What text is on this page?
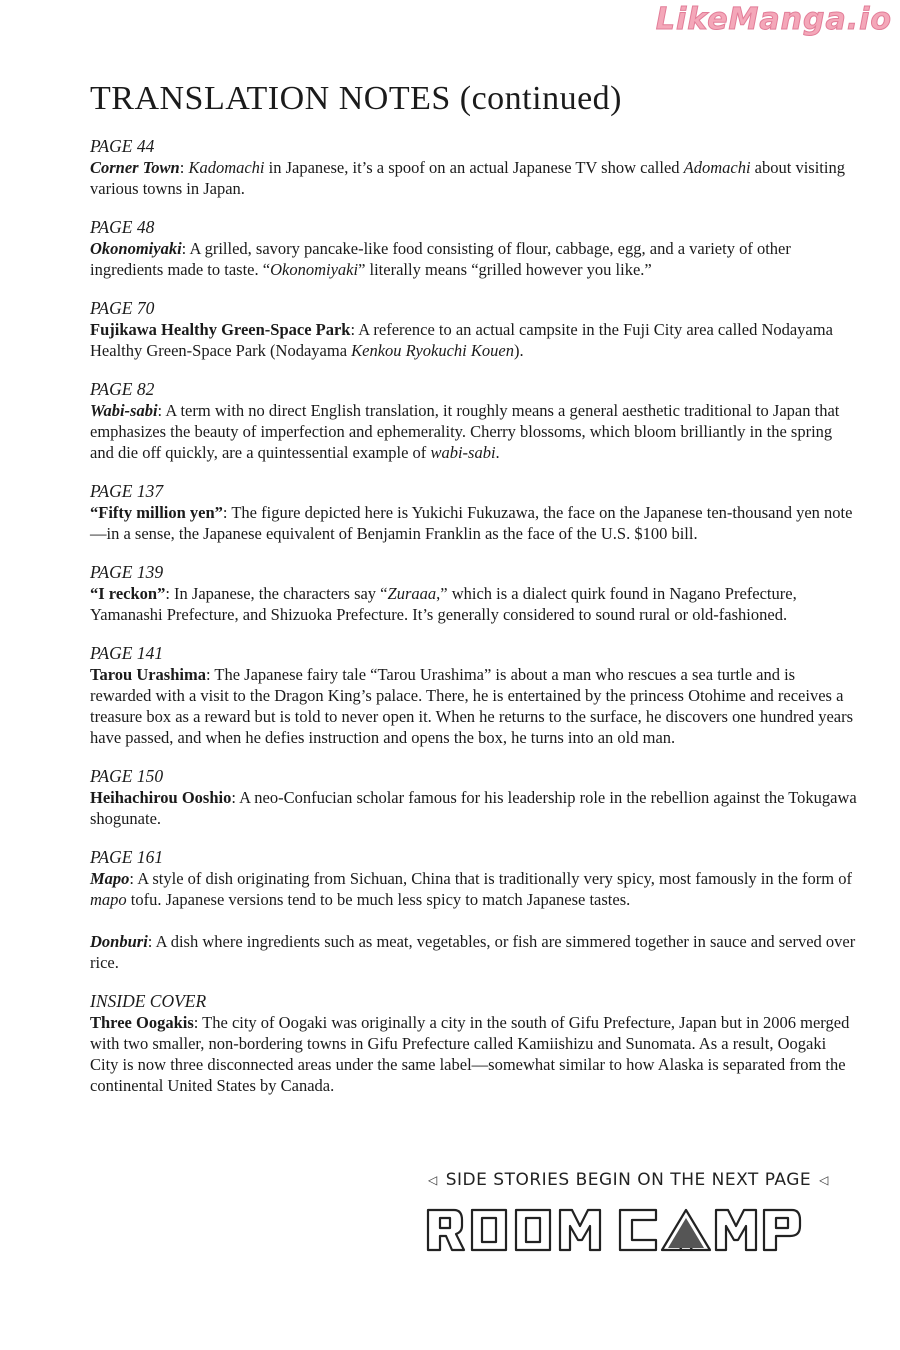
LikeManga.io
TRANSLATION NOTES (continued)
PAGE 44

Corner Town: Kadomachi in Japanese, it’s a spoof on an actual Japanese TV show called Adomachi about visiting various towns in Japan.

PAGE 48

Okonomiyaki: A grilled, savory pancake-like food consisting of flour, cabbage, egg, and a variety of other ingredients made to taste. “Okonomiyaki” literally means “grilled however you like.”

PAGE 70

Fujikawa Healthy Green-Space Park: A reference to an actual campsite in the Fuji City area called Nodayama Healthy Green-Space Park (Nodayama Kenkou Ryokuchi Kouen).

PAGE 82

Wabi-sabi: A term with no direct English translation, it roughly means a general aesthetic traditional to Japan that emphasizes the beauty of imperfection and ephemerality. Cherry blossoms, which bloom brilliantly in the spring and die off quickly, are a quintessential example of wabi-sabi.

PAGE 137

“Fifty million yen”: The figure depicted here is Yukichi Fukuzawa, the face on the Japanese ten-thousand yen note—in a sense, the Japanese equivalent of Benjamin Franklin as the face of the U.S. $100 bill.

PAGE 139

“I reckon”: In Japanese, the characters say “Zuraaa,” which is a dialect quirk found in Nagano Prefecture, Yamanashi Prefecture, and Shizuoka Prefecture. It’s generally considered to sound rural or old-fashioned.

PAGE 141

Tarou Urashima: The Japanese fairy tale “Tarou Urashima” is about a man who rescues a sea turtle and is rewarded with a visit to the Dragon King’s palace. There, he is entertained by the princess Otohime and receives a treasure box as a reward but is told to never open it. When he returns to the surface, he discovers one hundred years have passed, and when he defies instruction and opens the box, he turns into an old man.

PAGE 150

Heihachirou Ooshio: A neo-Confucian scholar famous for his leadership role in the rebellion against the Tokugawa shogunate.

PAGE 161

Mapo: A style of dish originating from Sichuan, China that is traditionally very spicy, most famously in the form of mapo tofu. Japanese versions tend to be much less spicy to match Japanese tastes.

Donburi: A dish where ingredients such as meat, vegetables, or fish are simmered together in sauce and served over rice.

INSIDE COVER

Three Oogakis: The city of Oogaki was originally a city in the south of Gifu Prefecture, Japan but in 2006 merged with two smaller, non-bordering towns in Gifu Prefecture called Kamiishizu and Sunomata. As a result, Oogaki City is now three disconnected areas under the same label—somewhat similar to how Alaska is separated from the continental United States by Canada.

◁ SIDE STORIES BEGIN ON THE NEXT PAGE ◁
